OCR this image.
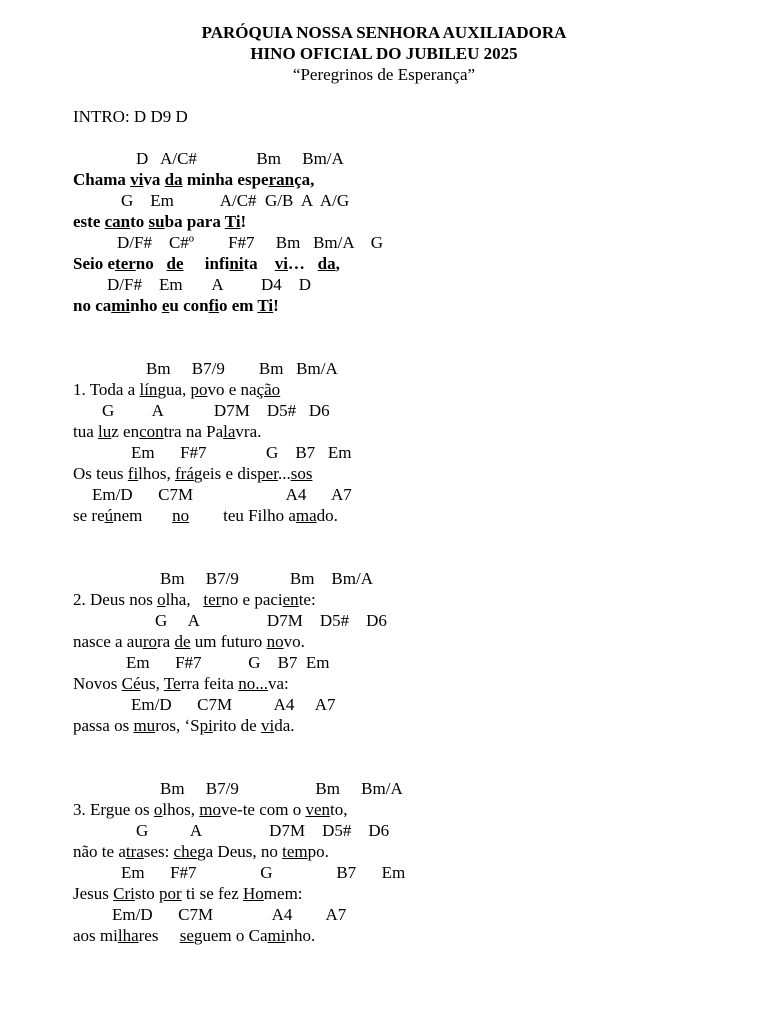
PARÓQUIA NOSSA SENHORA AUXILIADORA
HINO OFICIAL DO JUBILEU 2025
“Peregrinos de Esperança”
INTRO: D D9 D
D   A/C#              Bm     Bm/A
Chama viva da minha esperança,
G    Em           A/C#  G/B  A  A/G
este canto suba para Ti!
D/F#    C#º        F#7     Bm   Bm/A    G
Seio eterno   de     infinita    vi…   da,
D/F#    Em       A         D4    D
no caminho eu confio em Ti!
Bm     B7/9        Bm   Bm/A
1. Toda a língua, povo e nação
G         A            D7M    D5#   D6
tua luz encontra na Palavra.
Em      F#7              G    B7   Em
Os teus filhos, frágeis e disper...sos
Em/D      C7M                      A4      A7
se reúnem       no        teu Filho amado.
Bm     B7/9            Bm    Bm/A
2. Deus nos olha,   terno e paciente:
G     A                D7M    D5#    D6
nasce a aurora de um futuro novo.
Em      F#7           G    B7  Em
Novos Céus, Terra feita no...va:
Em/D      C7M          A4     A7
passa os muros, ‘Spirito de vida.
Bm     B7/9                  Bm     Bm/A
3. Ergue os olhos, move-te com o vento,
G          A                D7M    D5#    D6
não te atrases: chega Deus, no tempo.
Em      F#7               G               B7      Em
Jesus Cristo por ti se fez Homem:
Em/D      C7M              A4        A7
aos milhares     seguem o Caminho.
